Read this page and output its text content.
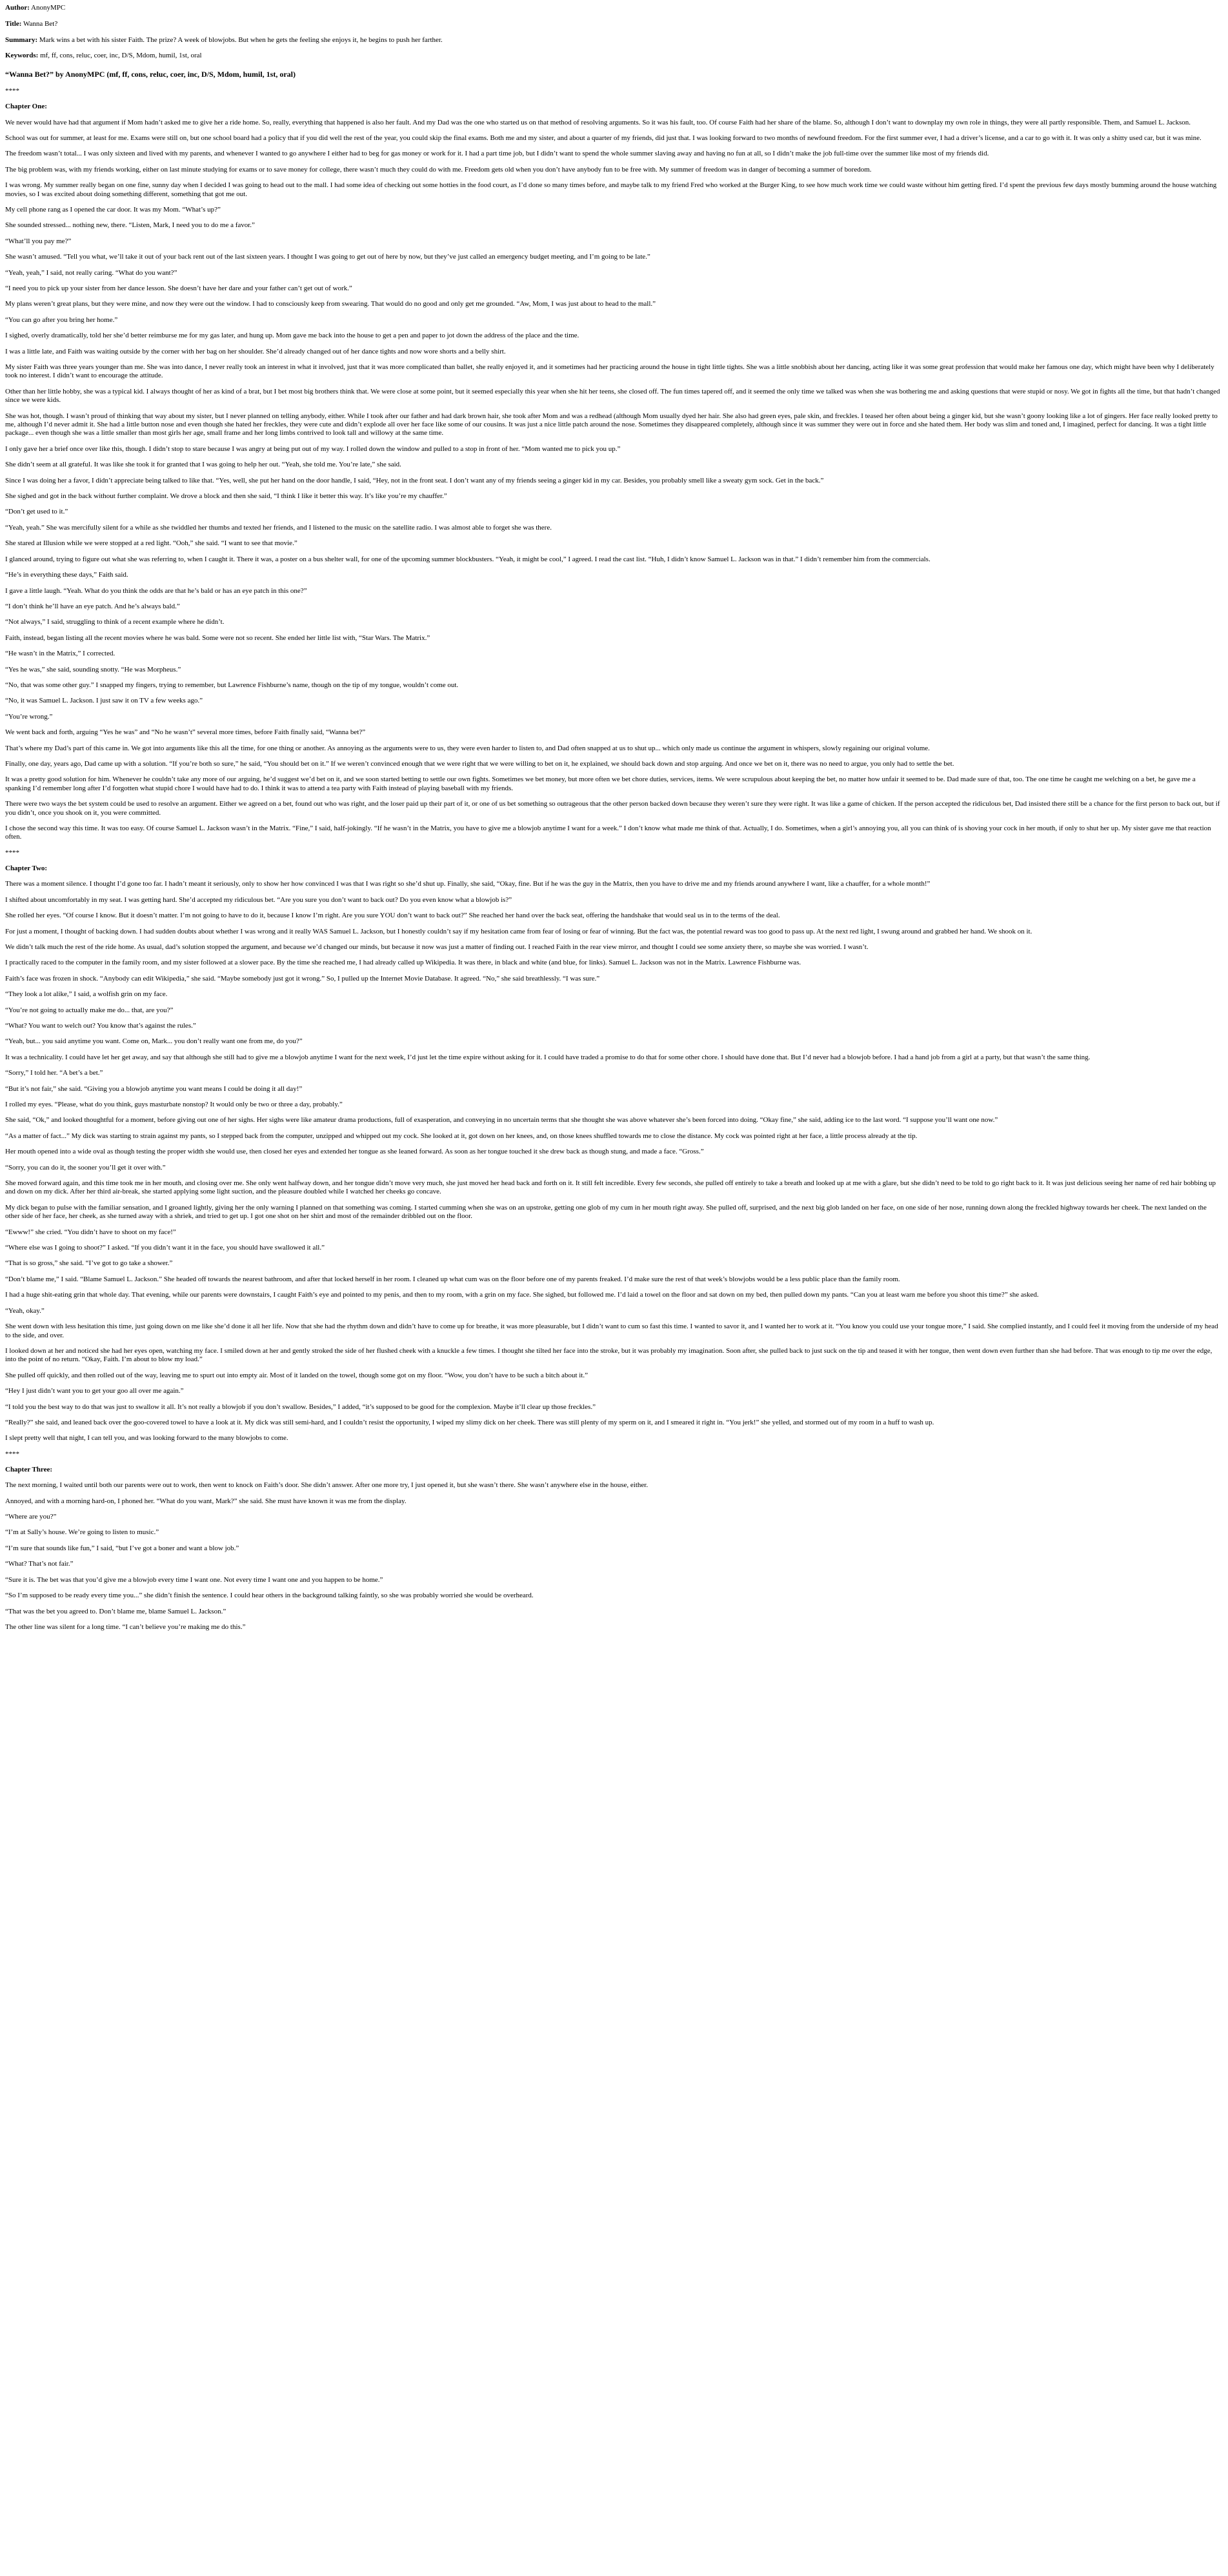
Author: AnonyMPC
Title: Wanna Bet?
Summary: Mark wins a bet with his sister Faith. The prize? A week of blowjobs. But when he gets the feeling she enjoys it, he begins to push her farther.
Keywords: mf, ff, cons, reluc, coer, inc, D/S, Mdom, humil, 1st, oral
“Wanna Bet?” by AnonyMPC (mf, ff, cons, reluc, coer, inc, D/S, Mdom, humil, 1st, oral)
****
Chapter One:

We never would have had that argument if Mom hadn’t asked me to give her a ride home. So, really, everything that happened is also her fault. And my Dad was the one who started us on that method of resolving arguments. So it was his fault, too. Of course Faith had her share of the blame. So, although I don’t want to downplay my own role in things, they were all partly responsible. Them, and Samuel L. Jackson.

School was out for summer, at least for me. Exams were still on, but one school board had a policy that if you did well the rest of the year, you could skip the final exams. Both me and my sister, and about a quarter of my friends, did just that. I was looking forward to two months of newfound freedom. For the first summer ever, I had a driver’s license, and a car to go with it. It was only a shitty used car, but it was mine.

The freedom wasn’t total... I was only sixteen and lived with my parents, and whenever I wanted to go anywhere I either had to beg for gas money or work for it. I had a part time job, but I didn’t want to spend the whole summer slaving away and having no fun at all, so I didn’t make the job full-time over the summer like most of my friends did.

The big problem was, with my friends working, either on last minute studying for exams or to save money for college, there wasn’t much they could do with me. Freedom gets old when you don’t have anybody fun to be free with. My summer of freedom was in danger of becoming a summer of boredom.

I was wrong. My summer really began on one fine, sunny day when I decided I was going to head out to the mall. I had some idea of checking out some hotties in the food court, as I’d done so many times before, and maybe talk to my friend Fred who worked at the Burger King, to see how much work time we could waste without him getting fired. I’d spent the previous few days mostly bumming around the house watching movies, so I was excited about doing something different, something that got me out.

My cell phone rang as I opened the car door. It was my Mom. “What’s up?”

She sounded stressed... nothing new, there. “Listen, Mark, I need you to do me a favor.”

“What’ll you pay me?”

She wasn’t amused. “Tell you what, we’ll take it out of your back rent out of the last sixteen years. I thought I was going to get out of here by now, but they’ve just called an emergency budget meeting, and I’m going to be late.”

“Yeah, yeah,” I said, not really caring. “What do you want?”

“I need you to pick up your sister from her dance lesson. She doesn’t have her dare and your father can’t get out of work.”

My plans weren’t great plans, but they were mine, and now they were out the window. I had to consciously keep from swearing. That would do no good and only get me grounded. “Aw, Mom, I was just about to head to the mall.”

“You can go after you bring her home.”

I sighed, overly dramatically, told her she’d better reimburse me for my gas later, and hung up. Mom gave me back into the house to get a pen and paper to jot down the address of the place and the time.

I was a little late, and Faith was waiting outside by the corner with her bag on her shoulder. She’d already changed out of her dance tights and now wore shorts and a belly shirt.

My sister Faith was three years younger than me. She was into dance, I never really took an interest in what it involved, just that it was more complicated than ballet, she really enjoyed it, and it sometimes had her practicing around the house in tight little tights. She was a little snobbish about her dancing, acting like it was some great profession that would make her famous one day, which might have been why I deliberately took no interest. I didn’t want to encourage the attitude.

Other than her little hobby, she was a typical kid. I always thought of her as kind of a brat, but I bet most big brothers think that. We were close at some point, but it seemed especially this year when she hit her teens, she closed off. The fun times tapered off, and it seemed the only time we talked was when she was bothering me and asking questions that were stupid or nosy. We got in fights all the time, but that hadn’t changed since we were kids.

She was hot, though. I wasn’t proud of thinking that way about my sister, but I never planned on telling anybody, either. While I took after our father and had dark brown hair, she took after Mom and was a redhead (although Mom usually dyed her hair. She also had green eyes, pale skin, and freckles. I teased her often about being a ginger kid, but she wasn’t goony looking like a lot of gingers. Her face really looked pretty to me, although I’d never admit it. She had a little button nose and even though she hated her freckles, they were cute and didn’t explode all over her face like some of our cousins. It was just a nice little patch around the nose. Sometimes they disappeared completely, although since it was summer they were out in force and she hated them. Her body was slim and toned and, I imagined, perfect for dancing. It was a tight little package... even though she was a little smaller than most girls her age, small frame and her long limbs contrived to look tall and willowy at the same time.

I only gave her a brief once over like this, though. I didn’t stop to stare because I was angry at being put out of my way. I rolled down the window and pulled to a stop in front of her. “Mom wanted me to pick you up.”

She didn’t seem at all grateful. It was like she took it for granted that I was going to help her out. “Yeah, she told me. You’re late,” she said.

Since I was doing her a favor, I didn’t appreciate being talked to like that. “Yes, well, she put her hand on the door handle, I said, “Hey, not in the front seat. I don’t want any of my friends seeing a ginger kid in my car. Besides, you probably smell like a sweaty gym sock. Get in the back.”

She sighed and got in the back without further complaint. We drove a block and then she said, “I think I like it better this way. It’s like you’re my chauffer.”

“Don’t get used to it.”

“Yeah, yeah.” She was mercifully silent for a while as she twiddled her thumbs and texted her friends, and I listened to the music on the satellite radio. I was almost able to forget she was there.

She stared at Illusion while we were stopped at a red light. “Ooh,” she said. “I want to see that movie.”

I glanced around, trying to figure out what she was referring to, when I caught it. There it was, a poster on a bus shelter wall, for one of the upcoming summer blockbusters. “Yeah, it might be cool,” I agreed. I read the cast list. “Huh, I didn’t know Samuel L. Jackson was in that.” I didn’t remember him from the commercials.

“He’s in everything these days,” Faith said.

I gave a little laugh. “Yeah. What do you think the odds are that he’s bald or has an eye patch in this one?”

“I don’t think he’ll have an eye patch. And he’s always bald.”

“Not always,” I said, struggling to think of a recent example where he didn’t.

Faith, instead, began listing all the recent movies where he was bald. Some were not so recent. She ended her little list with, “Star Wars. The Matrix.”

“He wasn’t in the Matrix,” I corrected.

“Yes he was,” she said, sounding snotty. “He was Morpheus.”

“No, that was some other guy.” I snapped my fingers, trying to remember, but Lawrence Fishburne’s name, though on the tip of my tongue, wouldn’t come out.

“No, it was Samuel L. Jackson. I just saw it on TV a few weeks ago.”

“You’re wrong.”

We went back and forth, arguing “Yes he was” and “No he wasn’t” several more times, before Faith finally said, “Wanna bet?”

That’s where my Dad’s part of this came in. We got into arguments like this all the time, for one thing or another. As annoying as the arguments were to us, they were even harder to listen to, and Dad often snapped at us to shut up... which only made us continue the argument in whispers, slowly regaining our original volume.

Finally, one day, years ago, Dad came up with a solution. “If you’re both so sure,” he said, “You should bet on it.” If we weren’t convinced enough that we were right that we were willing to bet on it, he explained, we should back down and stop arguing. And once we bet on it, there was no need to argue, you only had to settle the bet.

It was a pretty good solution for him. Whenever he couldn’t take any more of our arguing, he’d suggest we’d bet on it, and we soon started betting to settle our own fights. Sometimes we bet money, but more often we bet chore duties, services, items. We were scrupulous about keeping the bet, no matter how unfair it seemed to be. Dad made sure of that, too. The one time he caught me welching on a bet, he gave me a spanking I’d remember long after I’d forgotten what stupid chore I would have had to do. I think it was to attend a tea party with Faith instead of playing baseball with my friends.

There were two ways the bet system could be used to resolve an argument. Either we agreed on a bet, found out who was right, and the loser paid up their part of it, or one of us bet something so outrageous that the other person backed down because they weren’t sure they were right. It was like a game of chicken. If the person accepted the ridiculous bet, Dad insisted there still be a chance for the first person to back out, but if you didn’t, once you shook on it, you were committed.

I chose the second way this time. It was too easy. Of course Samuel L. Jackson wasn’t in the Matrix. “Fine,” I said, half-jokingly. “If he wasn’t in the Matrix, you have to give me a blowjob anytime I want for a week.” I don’t know what made me think of that. Actually, I do. Sometimes, when a girl’s annoying you, all you can think of is shoving your cock in her mouth, if only to shut her up. My sister gave me that reaction often.

****
Chapter Two:

There was a moment silence. I thought I’d gone too far. I hadn’t meant it seriously, only to show her how convinced I was that I was right so she’d shut up. Finally, she said, “Okay, fine. But if he was the guy in the Matrix, then you have to drive me and my friends around anywhere I want, like a chauffer, for a whole month!”

I shifted about uncomfortably in my seat. I was getting hard. She’d accepted my ridiculous bet. “Are you sure you don’t want to back out? Do you even know what a blowjob is?”

She rolled her eyes. “Of course I know. But it doesn’t matter. I’m not going to have to do it, because I know I’m right. Are you sure YOU don’t want to back out?” She reached her hand over the back seat, offering the handshake that would seal us in to the terms of the deal.

For just a moment, I thought of backing down. I had sudden doubts about whether I was wrong and it really WAS Samuel L. Jackson, but I honestly couldn’t say if my hesitation came from fear of losing or fear of winning. But the fact was, the potential reward was too good to pass up. At the next red light, I swung around and grabbed her hand. We shook on it.

We didn’t talk much the rest of the ride home. As usual, dad’s solution stopped the argument, and because we’d changed our minds, but because it now was just a matter of finding out. I reached Faith in the rear view mirror, and thought I could see some anxiety there, so maybe she was worried. I wasn’t.

I practically raced to the computer in the family room, and my sister followed at a slower pace. By the time she reached me, I had already called up Wikipedia. It was there, in black and white (and blue, for links). Samuel L. Jackson was not in the Matrix. Lawrence Fishburne was.

Faith’s face was frozen in shock. “Anybody can edit Wikipedia,” she said. “Maybe somebody just got it wrong.” So, I pulled up the Internet Movie Database. It agreed. “No,” she said breathlessly. “I was sure.”

“They look a lot alike,” I said, a wolfish grin on my face.

“You’re not going to actually make me do... that, are you?”

“What? You want to welch out? You know that’s against the rules.”

“Yeah, but... you said anytime you want. Come on, Mark... you don’t really want one from me, do you?”

It was a technicality. I could have let her get away, and say that although she still had to give me a blowjob anytime I want for the next week, I’d just let the time expire without asking for it. I could have traded a promise to do that for some other chore. I should have done that. But I’d never had a blowjob before. I had a hand job from a girl at a party, but that wasn’t the same thing.

“Sorry,” I told her. “A bet’s a bet.”

“But it’s not fair,” she said. “Giving you a blowjob anytime you want means I could be doing it all day!”

I rolled my eyes. “Please, what do you think, guys masturbate nonstop? It would only be two or three a day, probably.”

She said, “Ok,” and looked thoughtful for a moment, before giving out one of her sighs. Her sighs were like amateur drama productions, full of exasperation, and conveying in no uncertain terms that she thought she was above whatever she’s been forced into doing. “Okay fine,” she said, adding ice to the last word. “I suppose you’ll want one now.”

“As a matter of fact...” My dick was starting to strain against my pants, so I stepped back from the computer, unzipped and whipped out my cock. She looked at it, got down on her knees, and, on those knees shuffled towards me to close the distance. My cock was pointed right at her face, a little process already at the tip.

Her mouth opened into a wide oval as though testing the proper width she would use, then closed her eyes and extended her tongue as she leaned forward. As soon as her tongue touched it she drew back as though stung, and made a face. “Gross.”

“Sorry, you can do it, the sooner you’ll get it over with.”

She moved forward again, and this time took me in her mouth, and closing over me. She only went halfway down, and her tongue didn’t move very much, she just moved her head back and forth on it. It still felt incredible. Every few seconds, she pulled off entirely to take a breath and looked up at me with a glare, but she didn’t need to be told to go right back to it. It was just delicious seeing her name of red hair bobbing up and down on my dick. After her third air-break, she started applying some light suction, and the pleasure doubled while I watched her cheeks go concave.

My dick began to pulse with the familiar sensation, and I groaned lightly, giving her the only warning I planned on that something was coming. I started cumming when she was on an upstroke, getting one glob of my cum in her mouth right away. She pulled off, surprised, and the next big glob landed on her face, on one side of her nose, running down along the freckled highway towards her cheek. The next landed on the other side of her face, her cheek, as she turned away with a shriek, and tried to get up. I got one shot on her shirt and most of the remainder dribbled out on the floor.

“Ewww!” she cried. “You didn’t have to shoot on my face!”

“Where else was I going to shoot?” I asked. “If you didn’t want it in the face, you should have swallowed it all.”

“That is so gross,” she said. “I’ve got to go take a shower.”

“Don’t blame me,” I said. “Blame Samuel L. Jackson.” She headed off towards the nearest bathroom, and after that locked herself in her room. I cleaned up what cum was on the floor before one of my parents freaked. I’d make sure the rest of that week’s blowjobs would be a less public place than the family room.

I had a huge shit-eating grin that whole day. That evening, while our parents were downstairs, I caught Faith’s eye and pointed to my penis, and then to my room, with a grin on my face. She sighed, but followed me. I’d laid a towel on the floor and sat down on my bed, then pulled down my pants. “Can you at least warn me before you shoot this time?” she asked.

“Yeah, okay.”

She went down with less hesitation this time, just going down on me like she’d done it all her life. Now that she had the rhythm down and didn’t have to come up for breathe, it was more pleasurable, but I didn’t want to cum so fast this time. I wanted to savor it, and I wanted her to work at it. “You know you could use your tongue more,” I said. She complied instantly, and I could feel it moving from the underside of my head to the side, and over.

I looked down at her and noticed she had her eyes open, watching my face. I smiled down at her and gently stroked the side of her flushed cheek with a knuckle a few times. I thought she tilted her face into the stroke, but it was probably my imagination. Soon after, she pulled back to just suck on the tip and teased it with her tongue, then went down even further than she had before. That was enough to tip me over the edge, into the point of no return. “Okay, Faith. I’m about to blow my load.”

She pulled off quickly, and then rolled out of the way, leaving me to spurt out into empty air. Most of it landed on the towel, though some got on my floor. “Wow, you don’t have to be such a bitch about it.”

“Hey I just didn’t want you to get your goo all over me again.”

“I told you the best way to do that was just to swallow it all. It’s not really a blowjob if you don’t swallow. Besides,” I added, “it’s supposed to be good for the complexion. Maybe it’ll clear up those freckles.”

“Really?” she said, and leaned back over the goo-covered towel to have a look at it. My dick was still semi-hard, and I couldn’t resist the opportunity, I wiped my slimy dick on her cheek. There was still plenty of my sperm on it, and I smeared it right in. “You jerk!” she yelled, and stormed out of my room in a huff to wash up.

I slept pretty well that night, I can tell you, and was looking forward to the many blowjobs to come.

****
Chapter Three:

The next morning, I waited until both our parents were out to work, then went to knock on Faith’s door. She didn’t answer. After one more try, I just opened it, but she wasn’t there. She wasn’t anywhere else in the house, either.

Annoyed, and with a morning hard-on, I phoned her. “What do you want, Mark?” she said. She must have known it was me from the display.

“Where are you?”

“I’m at Sally’s house. We’re going to listen to music.”

“I’m sure that sounds like fun,” I said, “but I’ve got a boner and want a blow job.”

“What? That’s not fair.”

“Sure it is. The bet was that you’d give me a blowjob every time I want one. Not every time I want one and you happen to be home.”

“So I’m supposed to be ready every time you...” she didn’t finish the sentence. I could hear others in the background talking faintly, so she was probably worried she would be overheard.

“That was the bet you agreed to. Don’t blame me, blame Samuel L. Jackson.”

The other line was silent for a long time. “I can’t believe you’re making me do this.”
